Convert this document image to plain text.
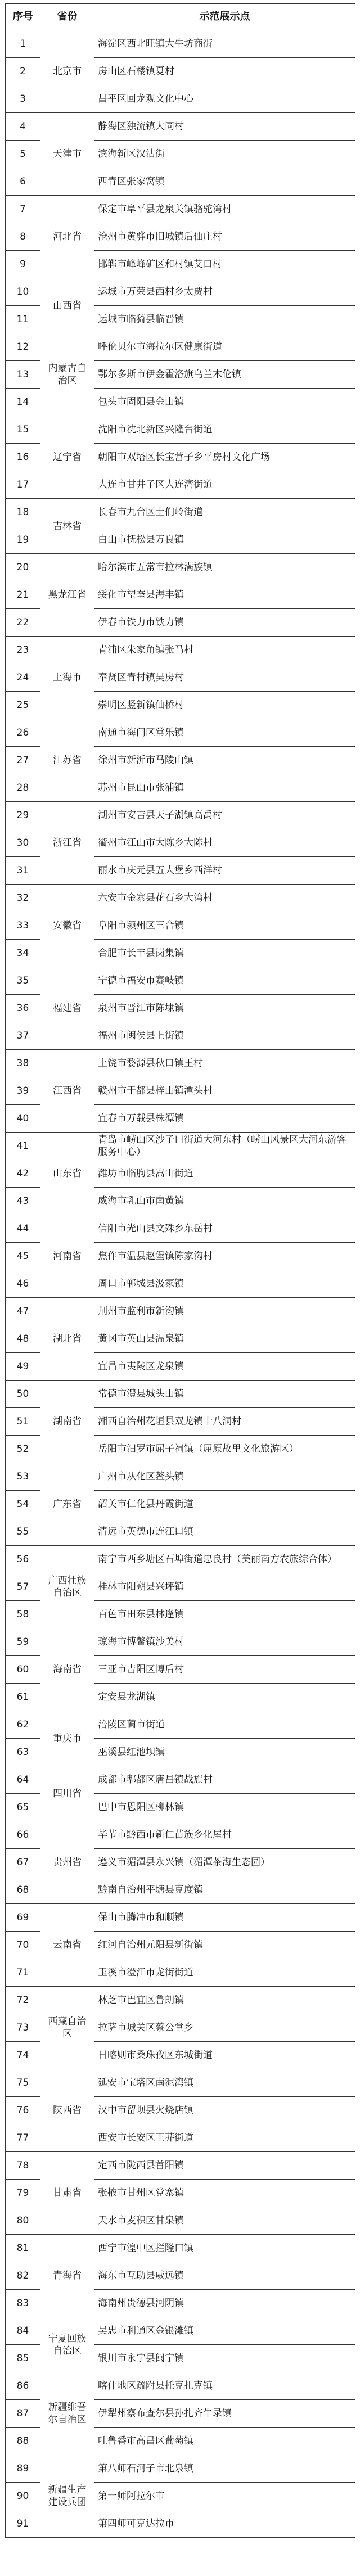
序号	省份	示范展示点
1	北京市	海淀区西北旺镇大牛坊商街
2		房山区石楼镇夏村
3		昌平区回龙观文化中心
4	天津市	静海区独流镇大同村
5		滨海新区汉沽街
6		西青区张家窝镇
7	河北省	保定市阜平县龙泉关镇骆驼湾村
8		沧州市黄骅市旧城镇后仙庄村
9		邯郸市峰峰矿区和村镇艾口村
10	山西省	运城市万荣县西村乡太贾村
11		运城市临猗县临晋镇
12	内蒙古自治区	呼伦贝尔市海拉尔区健康街道
13		鄂尔多斯市伊金霍洛旗乌兰木伦镇
14		包头市固阳县金山镇
15	辽宁省	沈阳市沈北新区兴隆台街道
16		朝阳市双塔区长宝营子乡平房村文化广场
17		大连市甘井子区大连湾街道
18	吉林省	长春市九台区土们岭街道
19		白山市抚松县万良镇
20	黑龙江省	哈尔滨市五常市拉林满族镇
21		绥化市望奎县海丰镇
22		伊春市铁力市铁力镇
23	上海市	青浦区朱家角镇张马村
24		奉贤区青村镇吴房村
25		崇明区竖新镇仙桥村
26	江苏省	南通市海门区常乐镇
27		徐州市新沂市马陵山镇
28		苏州市昆山市张浦镇
29	浙江省	湖州市安吉县天子湖镇高禹村
30		衢州市江山市大陈乡大陈村
31		丽水市庆元县五大堡乡西洋村
32	安徽省	六安市金寨县花石乡大湾村
33		阜阳市颍州区三合镇
34		合肥市长丰县岗集镇
35	福建省	宁德市福安市赛岐镇
36		泉州市晋江市陈埭镇
37		福州市闽侯县上街镇
38	江西省	上饶市婺源县秋口镇王村
39		赣州市于都县梓山镇潭头村
40		宜春市万载县株潭镇
41	山东省	青岛市崂山区沙子口街道大河东村（崂山风景区大河东游客服务中心）
42		潍坊市临朐县嵩山街道
43		威海市乳山市南黄镇
44	河南省	信阳市光山县文殊乡东岳村
45		焦作市温县赵堡镇陈家沟村
46		周口市郸城县汲冢镇
47	湖北省	荆州市监利市新沟镇
48		黄冈市英山县温泉镇
49		宜昌市夷陵区龙泉镇
50	湖南省	常德市澧县城头山镇
51		湘西自治州花垣县双龙镇十八洞村
52		岳阳市汨罗市屈子祠镇（屈原故里文化旅游区）
53	广东省	广州市从化区鳌头镇
54		韶关市仁化县丹霞街道
55		清远市英德市连江口镇
56	广西壮族自治区	南宁市西乡塘区石埠街道忠良村（美丽南方农旅综合体）
57		桂林市阳朔县兴坪镇
58		百色市田东县林逢镇
59	海南省	琼海市博鳌镇沙美村
60		三亚市吉阳区博后村
61		定安县龙湖镇
62	重庆市	涪陵区蔺市街道
63		巫溪县红池坝镇
64	四川省	成都市郫都区唐昌镇战旗村
65		巴中市恩阳区柳林镇
66	贵州省	毕节市黔西市新仁苗族乡化屋村
67		遵义市湄潭县永兴镇（湄潭茶海生态园）
68		黔南自治州平塘县克度镇
69	云南省	保山市腾冲市和顺镇
70		红河自治州元阳县新街镇
71		玉溪市澄江市龙街街道
72	西藏自治区	林芝市巴宜区鲁朗镇
73		拉萨市城关区蔡公堂乡
74		日喀则市桑珠孜区东城街道
75	陕西省	延安市宝塔区南泥湾镇
76		汉中市留坝县火烧店镇
77		西安市长安区王莽街道
78	甘肃省	定西市陇西县首阳镇
79		张掖市甘州区党寨镇
80		天水市麦积区甘泉镇
81	青海省	西宁市湟中区拦隆口镇
82		海东市互助县威远镇
83		海南州贵德县河阴镇
84	宁夏回族自治区	吴忠市利通区金银滩镇
85		银川市永宁县闽宁镇
86	新疆维吾尔自治区	喀什地区疏附县托克扎克镇
87		伊犁州察布查尔县孙扎齐牛录镇
88		吐鲁番市高昌区葡萄镇
89	新疆生产建设兵团	第八师石河子市北泉镇
90		第一师阿拉尔市
91		第四师可克达拉市
